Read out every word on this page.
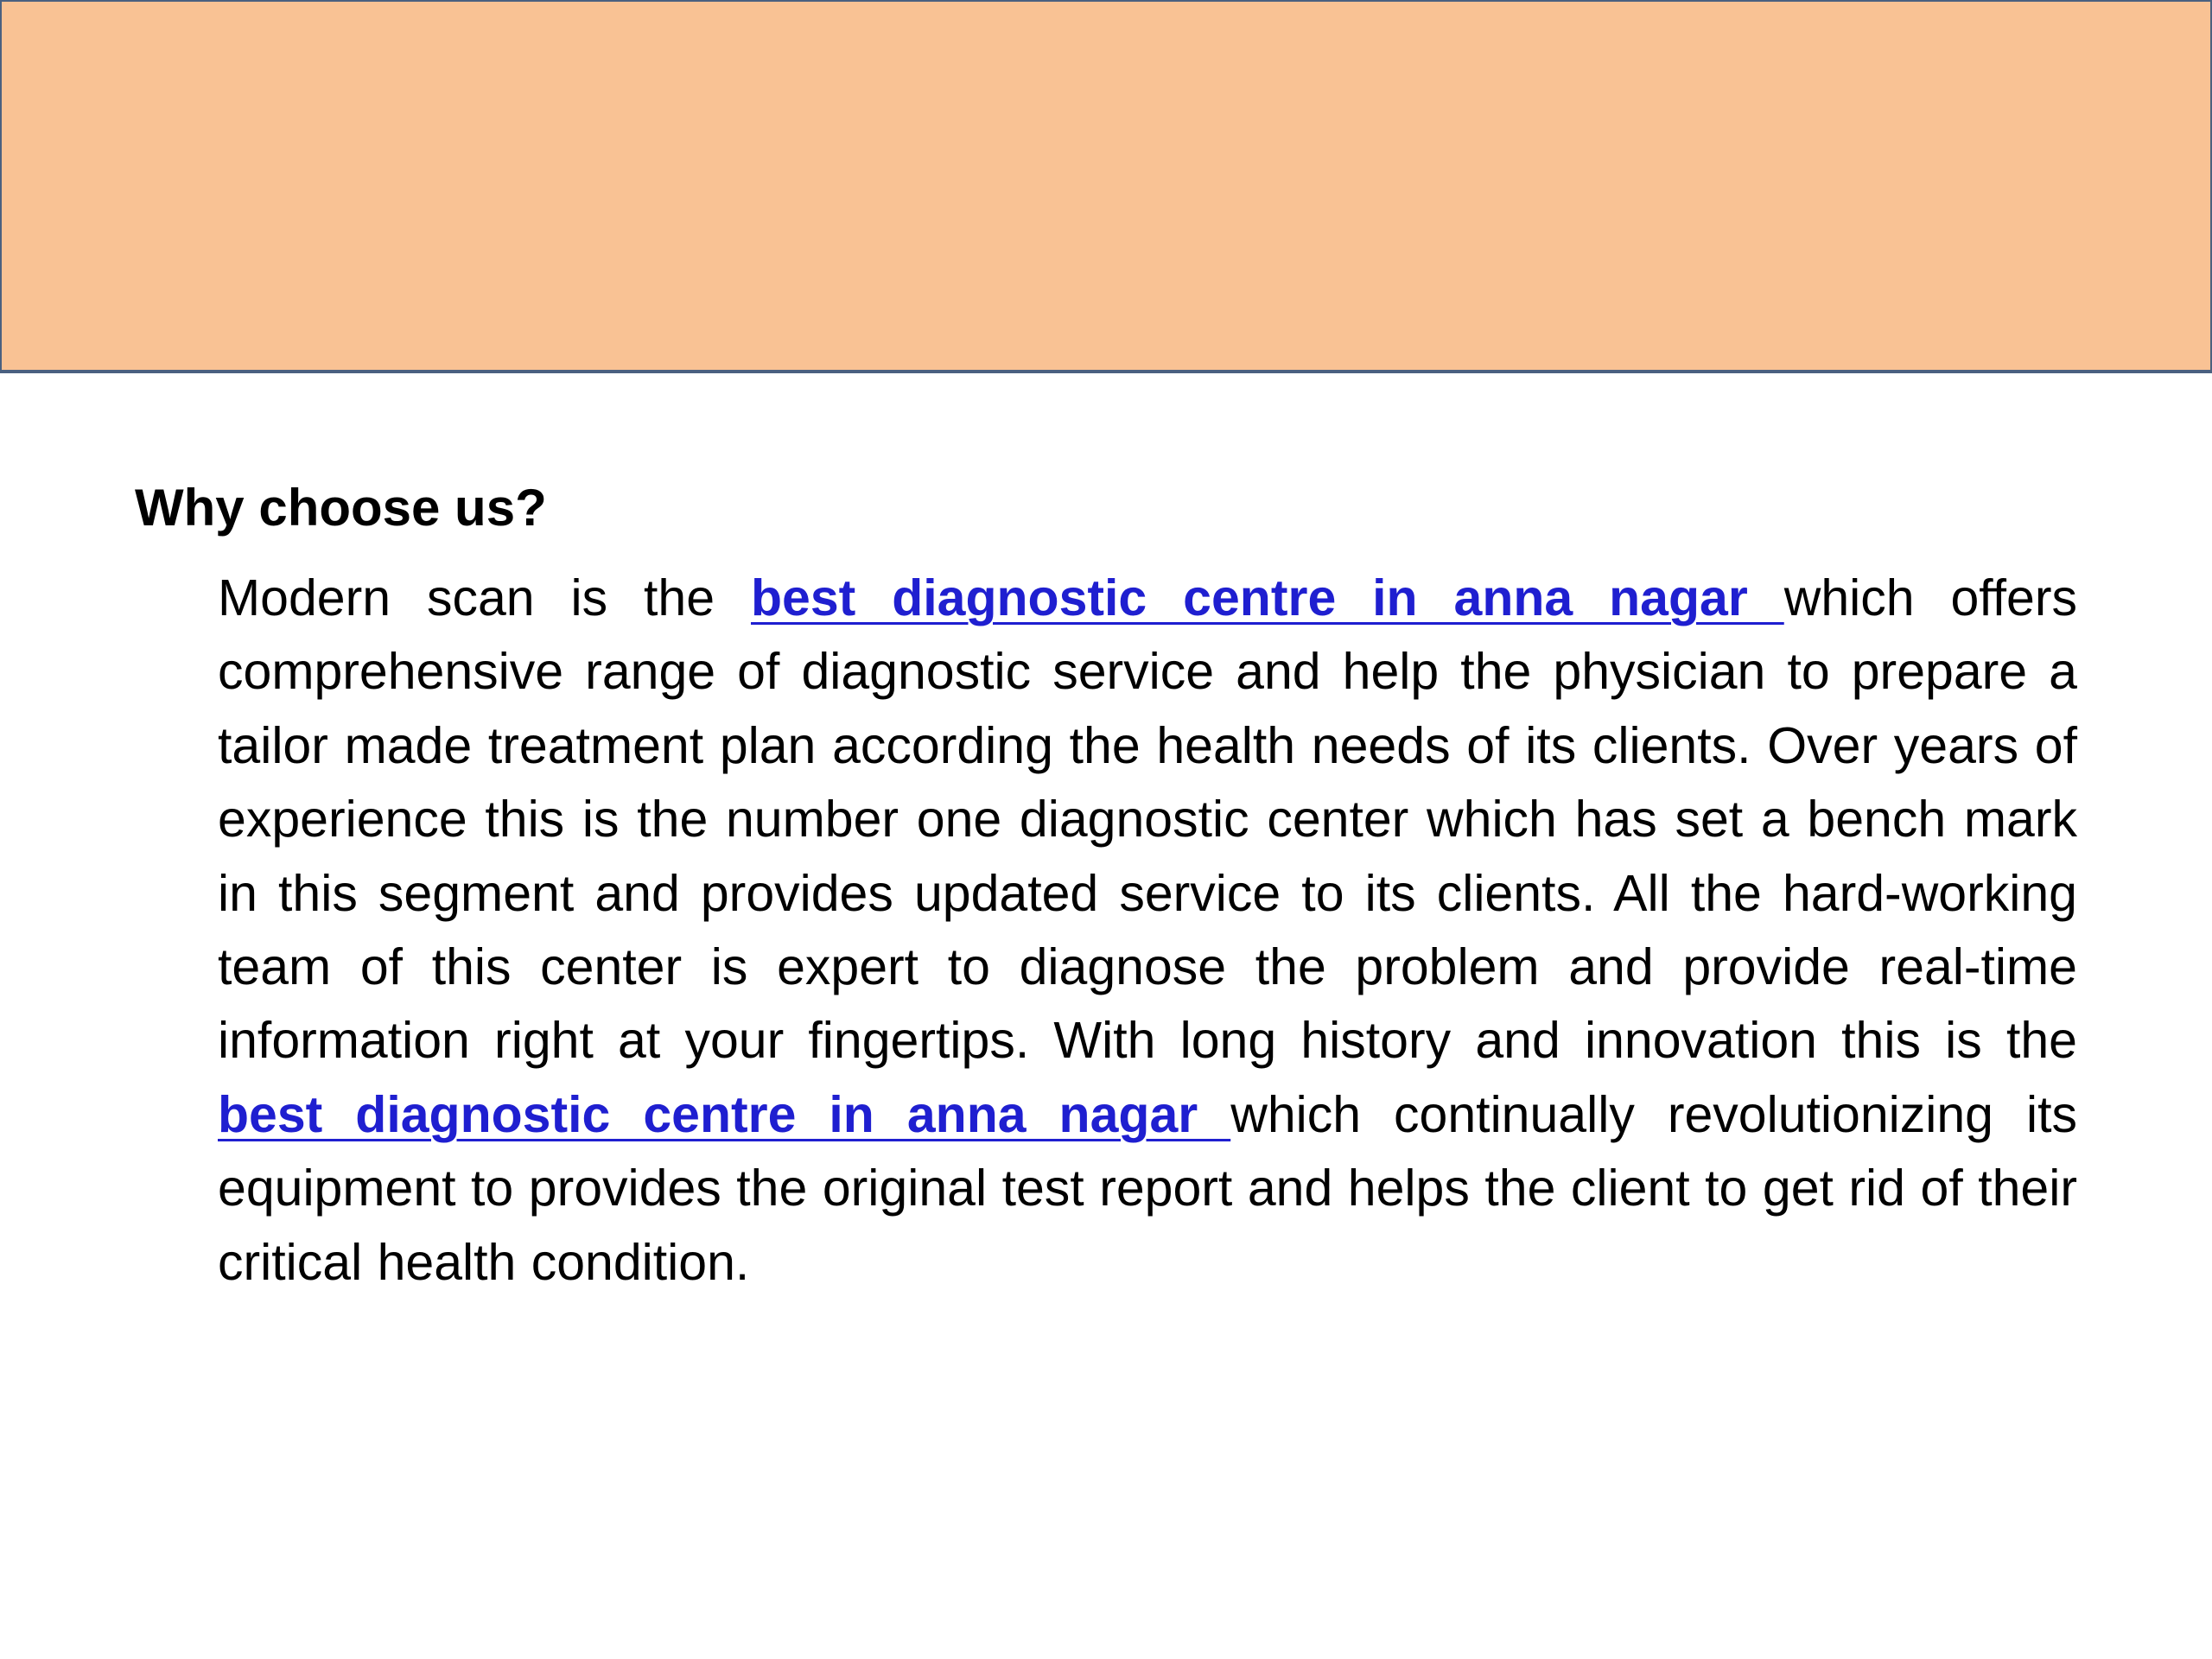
Why choose us?

Modern scan is the best diagnostic centre in anna nagar which offers comprehensive range of diagnostic service and help the physician to prepare a tailor made treatment plan according the health needs of its clients. Over years of experience this is the number one diagnostic center which has set a bench mark in this segment and provides updated service to its clients. All the hard-working team of this center is expert to diagnose the problem and provide real-time information right at your fingertips. With long history and innovation this is the best diagnostic centre in anna nagar which continually revolutionizing its equipment to provides the original test report and helps the client to get rid of their critical health condition.
